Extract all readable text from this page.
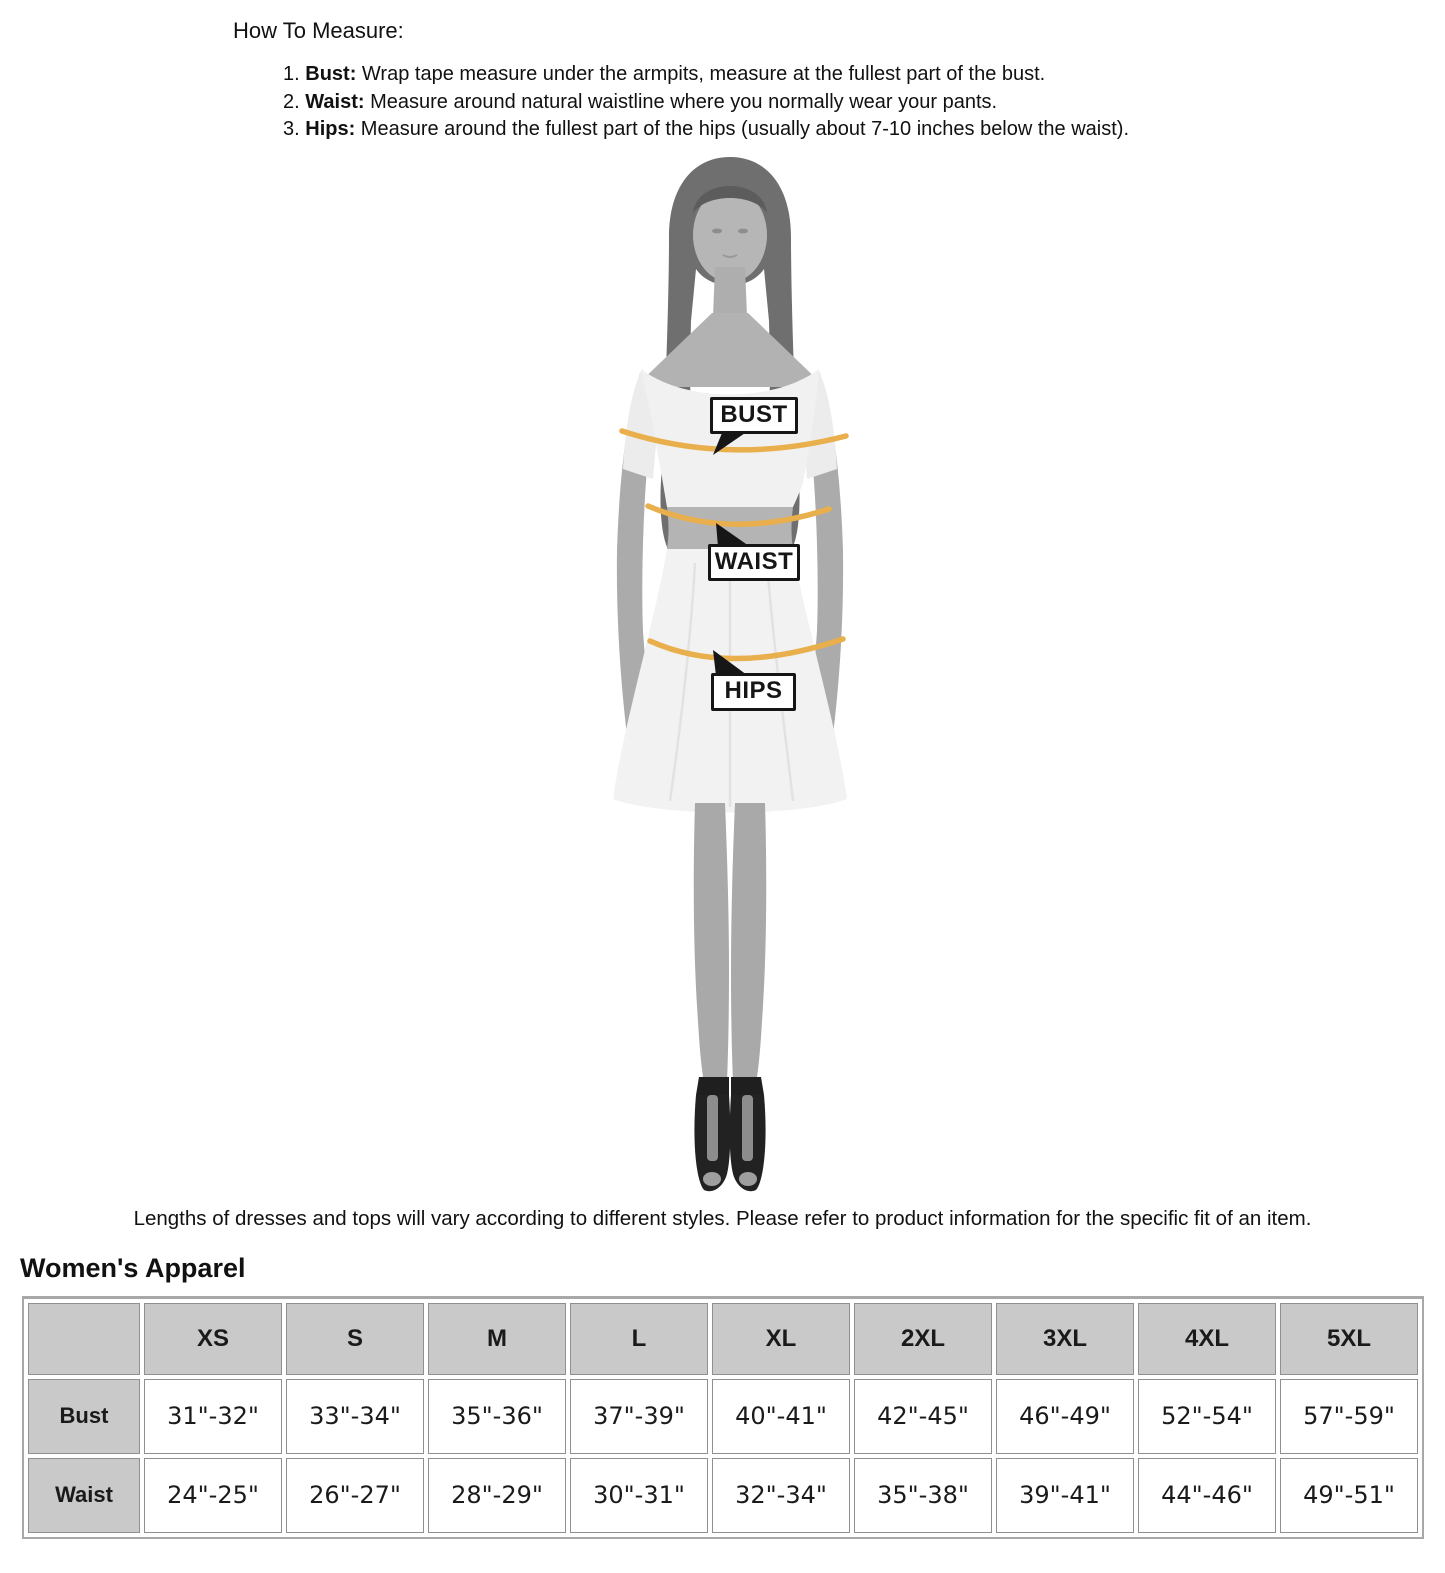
How To Measure:
1. Bust: Wrap tape measure under the armpits, measure at the fullest part of the bust.
2. Waist: Measure around natural waistline where you normally wear your pants.
3. Hips: Measure around the fullest part of the hips (usually about 7-10 inches below the waist).
BUST
WAIST
HIPS

Lengths of dresses and tops will vary according to different styles. Please refer to product information for the specific fit of an item.

Women's Apparel
	XS	S	M	L	XL	2XL	3XL	4XL	5XL
Bust	31"-32"	33"-34"	35"-36"	37"-39"	40"-41"	42"-45"	46"-49"	52"-54"	57"-59"
Waist	24"-25"	26"-27"	28"-29"	30"-31"	32"-34"	35"-38"	39"-41"	44"-46"	49"-51"
